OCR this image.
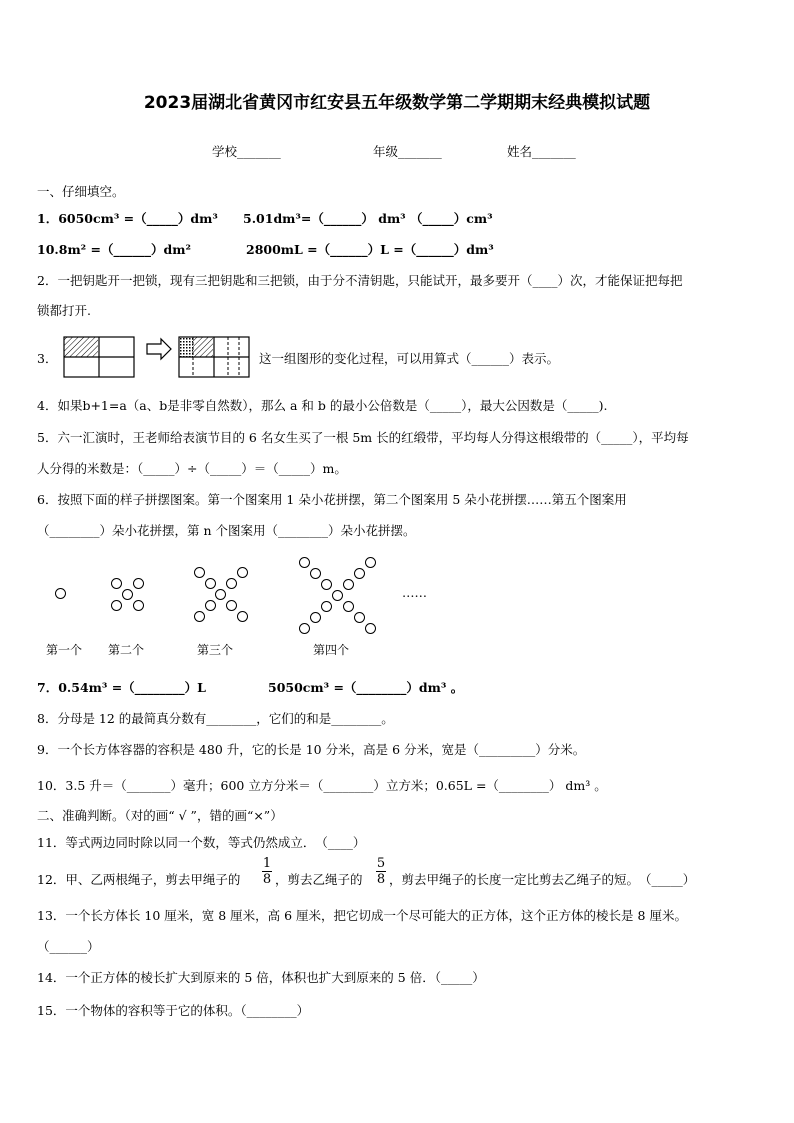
2023届湖北省黄冈市红安县五年级数学第二学期期末经典模拟试题
学校_______	年级_______	姓名_______
一、仔细填空。
1．6050cm³ =（_____）dm³ 5.01dm³=（______） dm³ （_____）cm³
10.8m² =（______）dm²	2800mL =（______）L =（______）dm³
2．一把钥匙开一把锁，现有三把钥匙和三把锁，由于分不清钥匙，只能试开，最多要开（____）次，才能保证把每把
锁都打开.
3．	这一组图形的变化过程，可以用算式（______）表示。
4．如果b+1=a（a、b是非零自然数），那么 a 和 b 的最小公倍数是（_____），最大公因数是（_____).
5．六一汇演时，王老师给表演节目的 6 名女生买了一根 5m 长的红缎带，平均每人分得这根缎带的（_____），平均每
人分得的米数是：（_____）÷（_____）＝（_____）m。
6．按照下面的样子拼摆图案。第一个图案用 1 朵小花拼摆，第二个图案用 5 朵小花拼摆……第五个图案用
（________）朵小花拼摆，第 n 个图案用（________）朵小花拼摆。
……
第一个 第二个	第三个	第四个
7．0.54m³ =（________）L	5050cm³ =（________）dm³ 。
8．分母是 12 的最简真分数有________，它们的和是________。
9．一个长方体容器的容积是 480 升，它的长是 10 分米，高是 6 分米，宽是（_________）分米。
10．3.5 升＝（_______）毫升；600 立方分米＝（________）立方米；0.65L =（________） dm³ 。
二、准确判断。（对的画“ √ ”，错的画“×”）
11．等式两边同时除以同一个数，等式仍然成立．　（____）
12．甲、乙两根绳子，剪去甲绳子的
1
8 ，剪去乙绳子的
5
8 ，剪去甲绳子的长度一定比剪去乙绳子的短。　（_____）
13．一个长方体长 10 厘米，宽 8 厘米，高 6 厘米，把它切成一个尽可能大的正方体，这个正方体的棱长是 8 厘米。
（______）
14．一个正方体的棱长扩大到原来的 5 倍，体积也扩大到原来的 5 倍．（_____）
15．一个物体的容积等于它的体积。（________）
